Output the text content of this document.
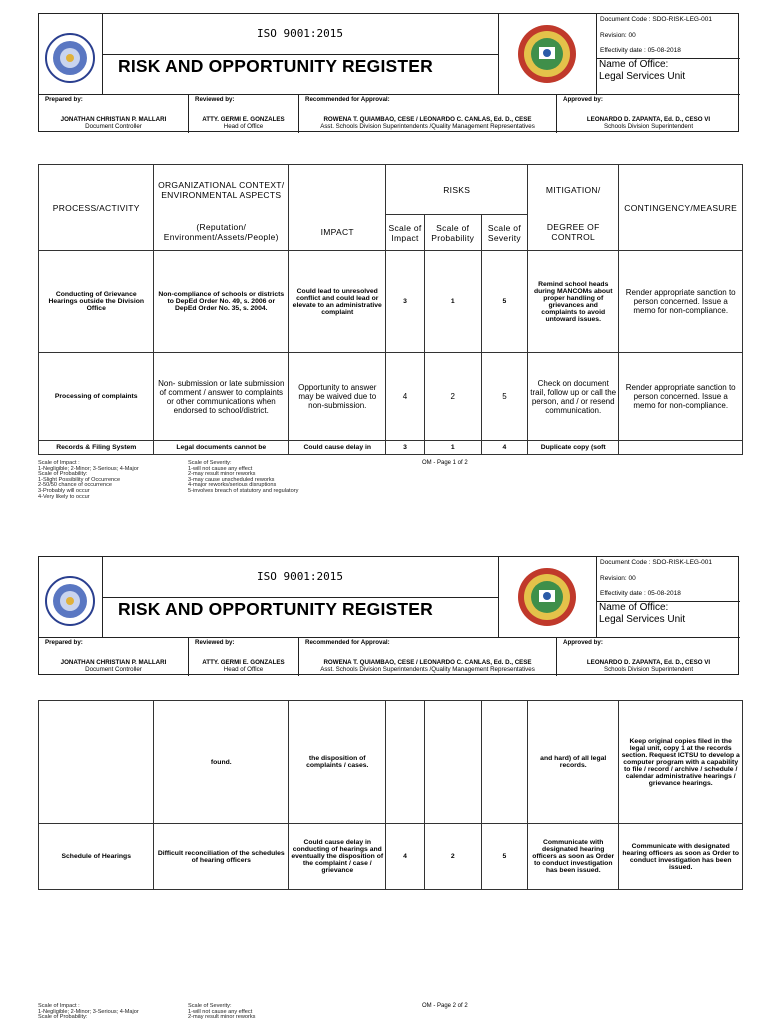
ISO 9001:2015
RISK AND OPPORTUNITY REGISTER
Document Code : SDO-RISK-LEG-001
Revision: 00
Effectivity date : 05-08-2018
Name of Office:
Legal Services Unit
Prepared by:
JONATHAN CHRISTIAN P. MALLARI
Document Controller
Reviewed by:
ATTY. GERMI E. GONZALES
Head of Office
Recommended for Approval:
ROWENA T. QUIAMBAO, CESE / LEONARDO C. CANLAS, Ed. D., CESE
Asst. Schools Division Superintendents /Quality Management Representatives
Approved by:
LEONARDO D. ZAPANTA, Ed. D., CESO VI
Schools Division Superintendent
PROCESS/ACTIVITY	ORGANIZATIONAL CONTEXT/ ENVIRONMENTAL ASPECTS		RISKS			MITIGATION/	CONTINGENCY/MEASURE
	(Reputation/ Environment/Assets/People)	IMPACT	Scale of Impact	Scale of Probability	Scale of Severity	DEGREE OF CONTROL	
Conducting of Grievance Hearings outside the Division Office	Non-compliance of schools or districts to DepEd Order No. 49, s. 2006 or DepEd Order No. 35, s. 2004.	Could lead to unresolved conflict and could lead or elevate to an administrative complaint	3	1	5	Remind school heads during MANCOMs about proper handling of grievances and complaints to avoid untoward issues.	Render appropriate sanction to person concerned. Issue a memo for non-compliance.
Processing of complaints	Non- submission or late submission of comment / answer to complaints or other communications when endorsed to school/district.	Opportunity to answer may be waived due to non-submission.	4	2	5	Check on document trail, follow up or call the person, and / or resend communication.	Render appropriate sanction to person concerned. Issue a memo for non-compliance.
Records & Filing System	Legal documents cannot be	Could cause delay in	3	1	4	Duplicate copy (soft	
Scale of Impact :
1-Negligible; 2-Minor; 3-Serious; 4-Major
Scale of Probability:
1-Slight Possibility of Occurrence
2-50/50 chance of occurrence
3-Probably will occur
4-Very likely to occur
Scale of Severity:
1-will not cause any effect
2-may result minor reworks
3-may cause unscheduled reworks
4-major reworks/serious disruptions
5-involves breach of statutory and regulatory
OM - Page 1 of 2
ISO 9001:2015
RISK AND OPPORTUNITY REGISTER
Document Code : SDO-RISK-LEG-001
Revision: 00
Effectivity date : 05-08-2018
Name of Office:
Legal Services Unit
Prepared by:
JONATHAN CHRISTIAN P. MALLARI
Document Controller
Reviewed by:
ATTY. GERMI E. GONZALES
Head of Office
Recommended for Approval:
ROWENA T. QUIAMBAO, CESE / LEONARDO C. CANLAS, Ed. D., CESE
Asst. Schools Division Superintendents /Quality Management Representatives
Approved by:
LEONARDO D. ZAPANTA, Ed. D., CESO VI
Schools Division Superintendent
	found.	the disposition of complaints / cases.				and hard) of all legal records.	Keep original copies filed in the legal unit, copy 1 at the records section. Request ICTSU to develop a computer program with a capability to file / record / archive / schedule / calendar administrative hearings / grievance hearings.
Schedule of Hearings	Difficult reconciliation of the schedules of hearing officers	Could cause delay in conducting of hearings and eventually the disposition of the complaint / case / grievance	4	2	5	Communicate with designated hearing officers as soon as Order to conduct investigation has been issued.	Communicate with designated hearing officers as soon as Order to conduct investigation has been issued.
Scale of Impact :
1-Negligible; 2-Minor; 3-Serious; 4-Major
Scale of Probability:
Scale of Severity:
1-will not cause any effect
2-may result minor reworks
OM - Page 2 of 2
